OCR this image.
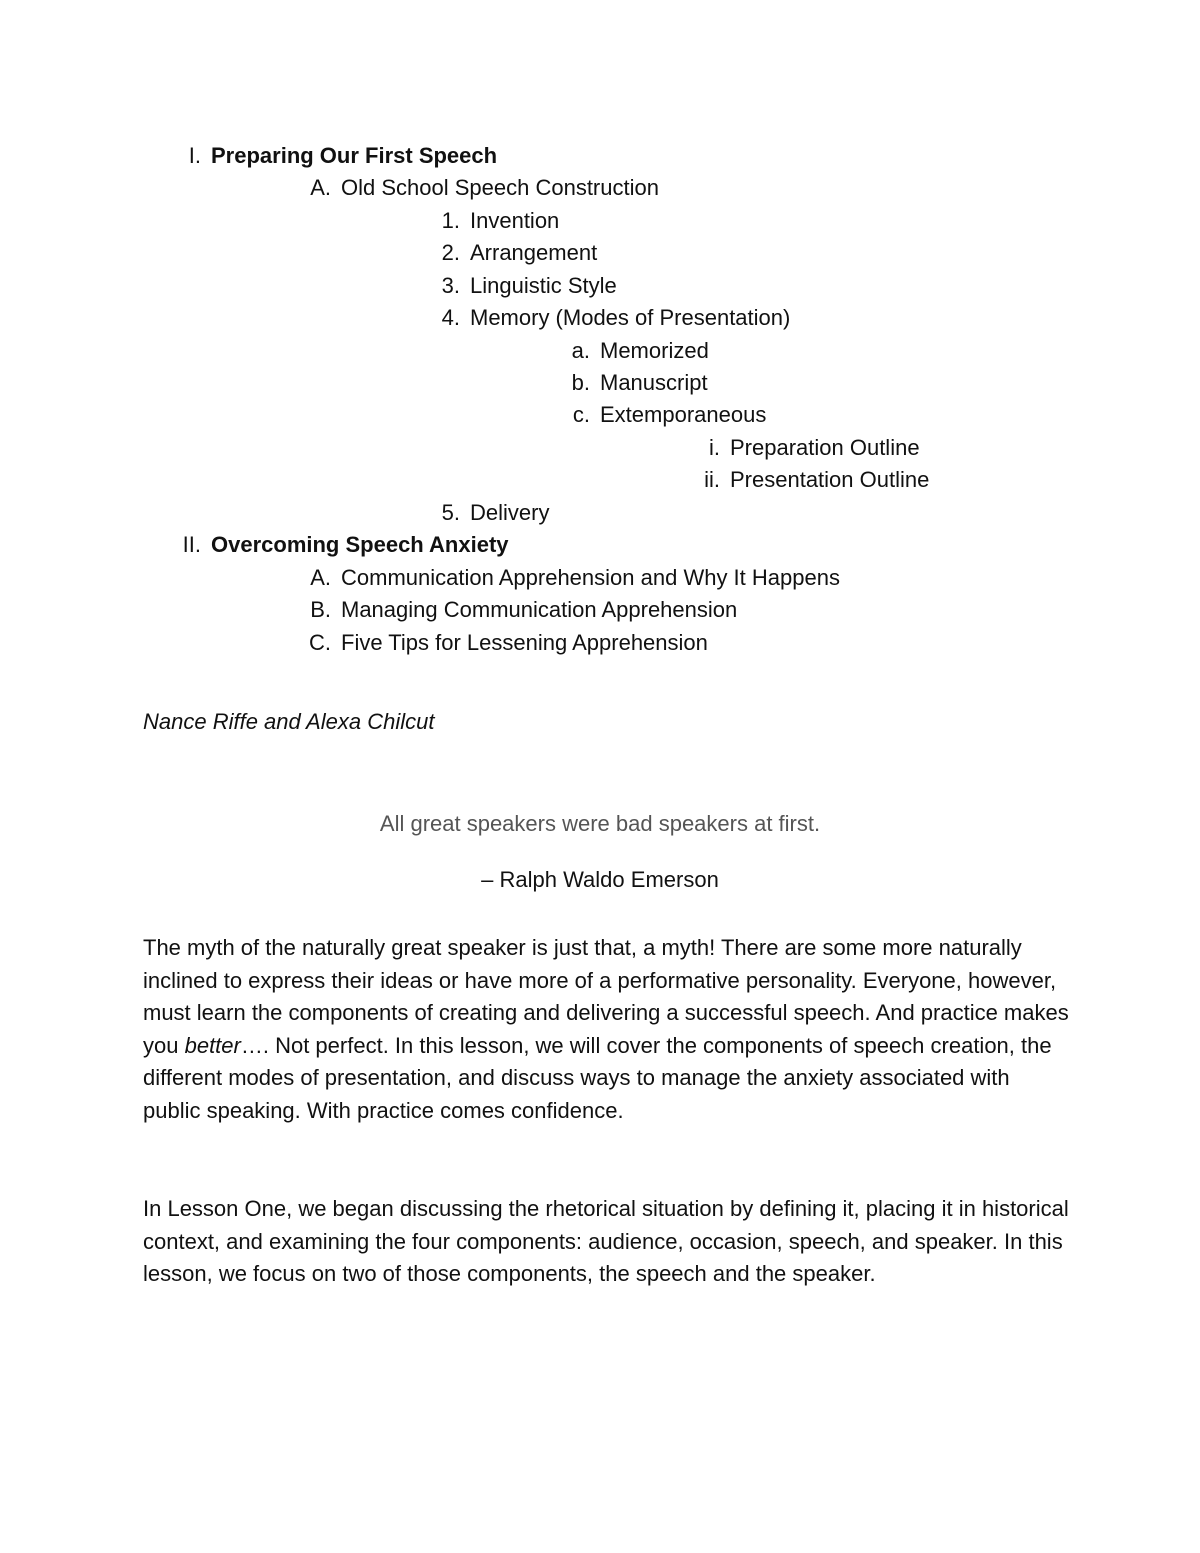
I. Preparing Our First Speech
A. Old School Speech Construction
1. Invention
2. Arrangement
3. Linguistic Style
4. Memory (Modes of Presentation)
a. Memorized
b. Manuscript
c. Extemporaneous
i. Preparation Outline
ii. Presentation Outline
5. Delivery
II. Overcoming Speech Anxiety
A. Communication Apprehension and Why It Happens
B. Managing Communication Apprehension
C. Five Tips for Lessening Apprehension
Nance Riffe and Alexa Chilcut
All great speakers were bad speakers at first.
– Ralph Waldo Emerson

The myth of the naturally great speaker is just that, a myth! There are some more naturally inclined to express their ideas or have more of a performative personality. Everyone, however, must learn the components of creating and delivering a successful speech. And practice makes you better…. Not perfect. In this lesson, we will cover the components of speech creation, the different modes of presentation, and discuss ways to manage the anxiety associated with public speaking. With practice comes confidence.

In Lesson One, we began discussing the rhetorical situation by defining it, placing it in historical context, and examining the four components: audience, occasion, speech, and speaker. In this lesson, we focus on two of those components, the speech and the speaker.
